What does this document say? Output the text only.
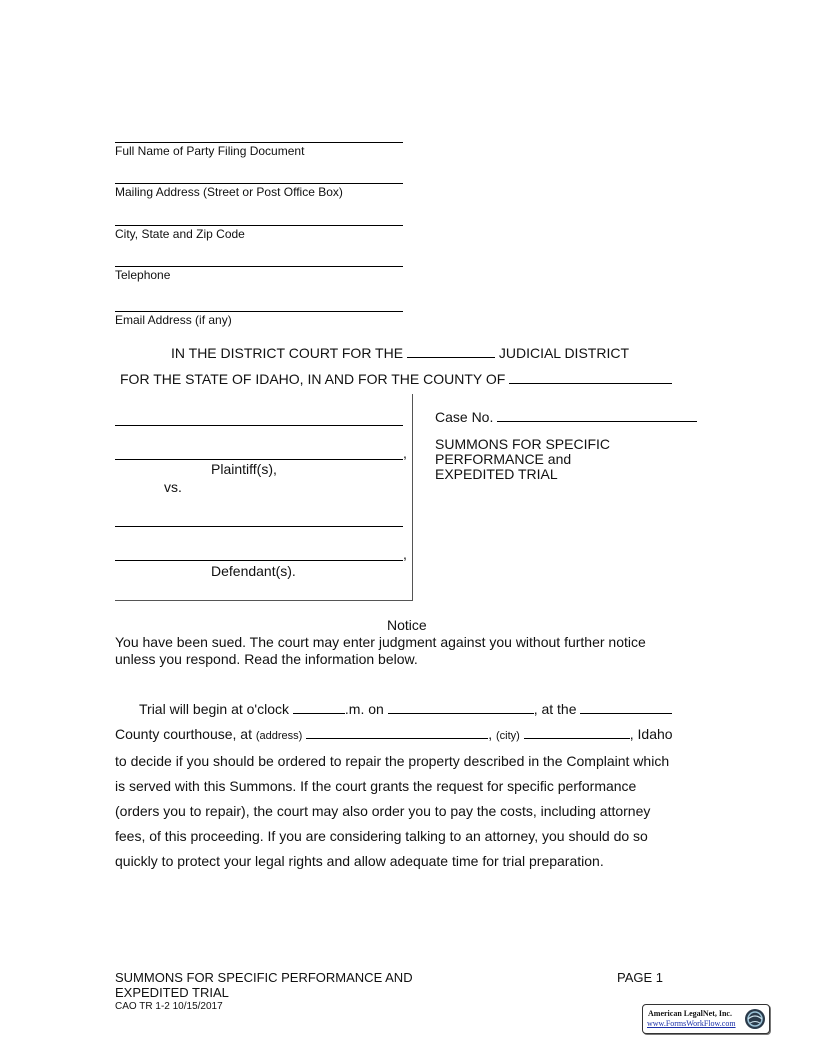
Full Name of Party Filing Document
Mailing Address (Street or Post Office Box)
City, State and Zip Code
Telephone
Email Address (if any)
IN THE DISTRICT COURT FOR THE	JUDICIAL DISTRICT
FOR THE STATE OF IDAHO, IN AND FOR THE COUNTY OF
,
Plaintiff(s),
vs.
,
Defendant(s).
Case No.
SUMMONS FOR SPECIFIC
PERFORMANCE and
EXPEDITED TRIAL
Notice
You have been sued. The court may enter judgment against you without further notice
unless you respond. Read the information below.
Trial will begin at o'clock	.m. on	, at the
County courthouse, at (address)	, (city)	, Idaho
to decide if you should be ordered to repair the property described in the Complaint which
is served with this Summons. If the court grants the request for specific performance
(orders you to repair), the court may also order you to pay the costs, including attorney
fees, of this proceeding. If you are considering talking to an attorney, you should do so
quickly to protect your legal rights and allow adequate time for trial preparation.
SUMMONS FOR SPECIFIC PERFORMANCE AND
EXPEDITED TRIAL
CAO TR 1-2 10/15/2017
PAGE 1
American LegalNet, Inc.
www.FormsWorkFlow.com
